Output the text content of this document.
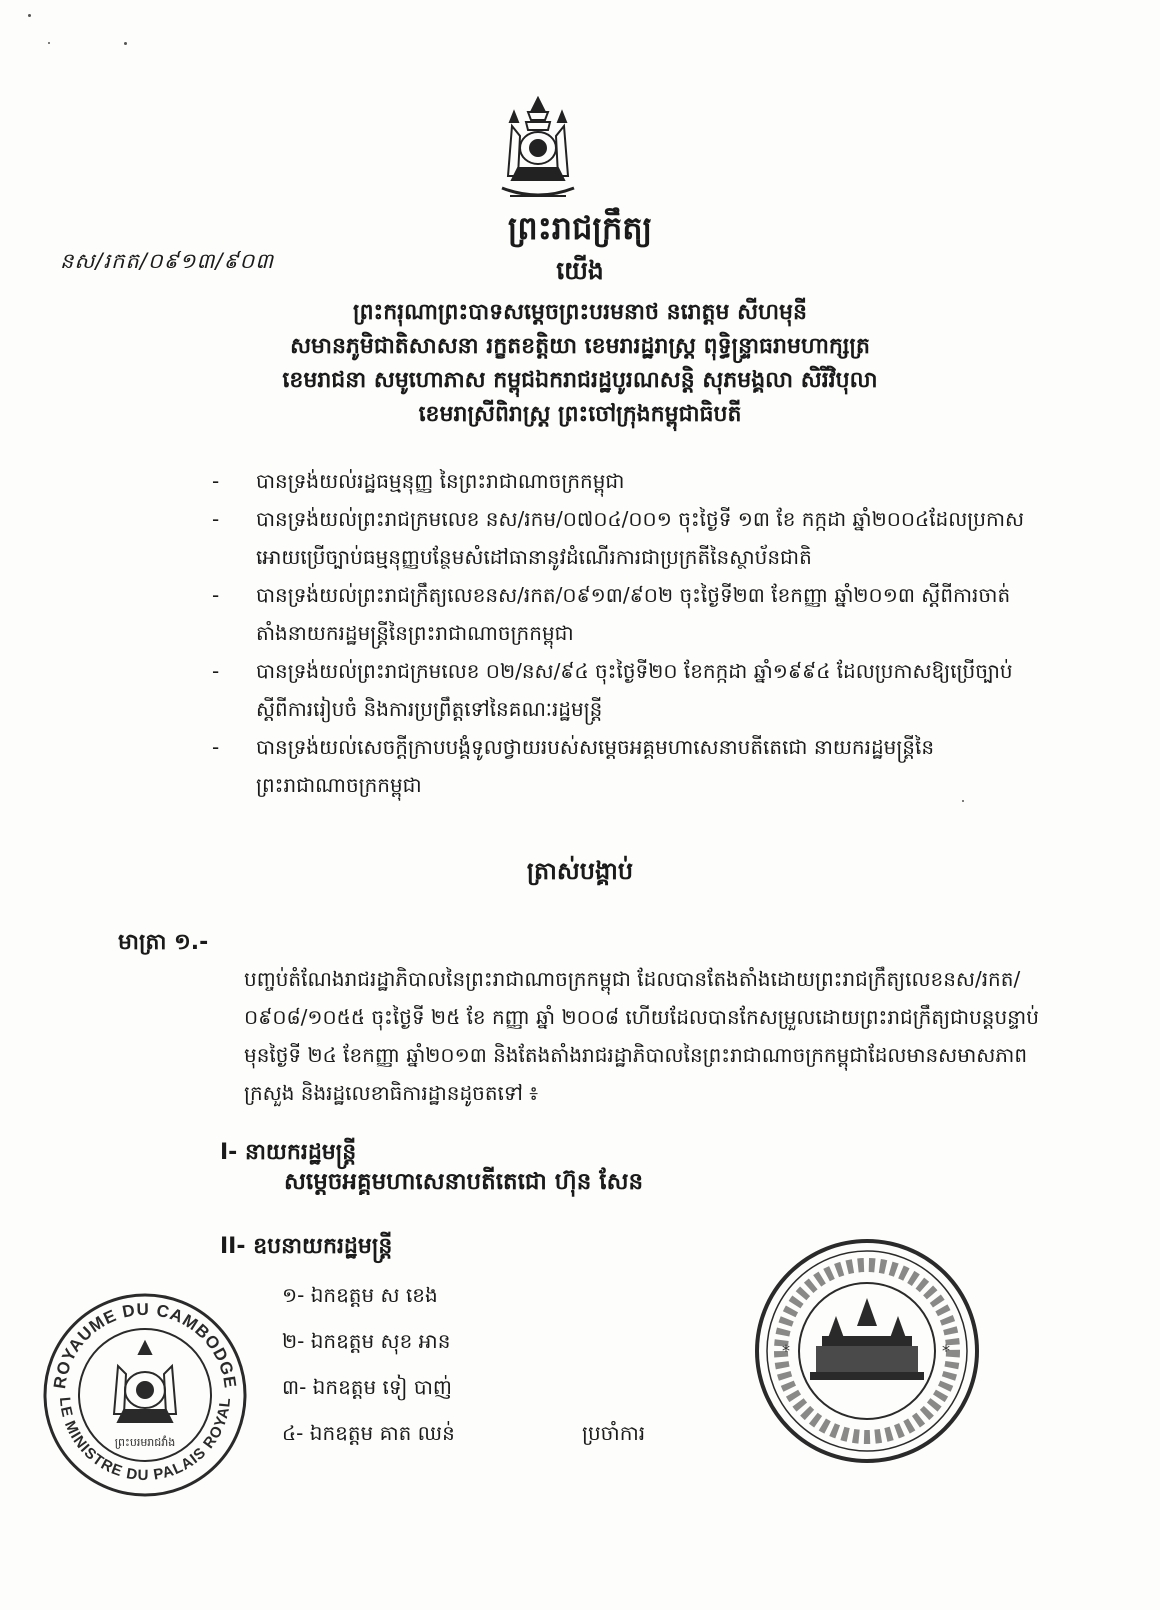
ព្រះរាជក្រឹត្យ
នស/រកត/០៩១៣/៩០៣	យើង
ព្រះករុណាព្រះបាទសម្តេចព្រះបរមនាថ នរោត្តម សីហមុនី
សមានភូមិជាតិសាសនា រក្ខតខត្តិយា ខេមរារដ្ឋរាស្ត្រ ពុទ្ធិន្ទ្រាធរាមហាក្សត្រ
ខេមរាជនា សមូហោភាស កម្ពុជឯករាជរដ្ឋបូរណសន្តិ សុភមង្គលា សិរីវិបុលា
ខេមរាស្រីពិរាស្ត្រ ព្រះចៅក្រុងកម្ពុជាធិបតី
- បានទ្រង់យល់រដ្ឋធម្មនុញ្ញ នៃព្រះរាជាណាចក្រកម្ពុជា
- បានទ្រង់យល់ព្រះរាជក្រមលេខ នស/រកម/០៧០៤/០០១ ចុះថ្ងៃទី ១៣ ខែ កក្កដា ឆ្នាំ២០០៤ដែលប្រកាសអោយប្រើច្បាប់ធម្មនុញ្ញបន្ថែមសំដៅធានានូវដំណើរការជាប្រក្រតីនៃស្ថាប័នជាតិ
- បានទ្រង់យល់ព្រះរាជក្រឹត្យលេខនស/រកត/០៩១៣/៩០២ ចុះថ្ងៃទី២៣ ខែកញ្ញា ឆ្នាំ២០១៣ ស្តីពីការចាត់តាំងនាយករដ្ឋមន្ត្រីនៃព្រះរាជាណាចក្រកម្ពុជា
- បានទ្រង់យល់ព្រះរាជក្រមលេខ ០២/នស/៩៤ ចុះថ្ងៃទី២០ ខែកក្កដា ឆ្នាំ១៩៩៤ ដែលប្រកាសឱ្យប្រើច្បាប់ ស្តីពីការរៀបចំ និងការប្រព្រឹត្តទៅនៃគណៈរដ្ឋមន្ត្រី
- បានទ្រង់យល់សេចក្តីក្រាបបង្គំទូលថ្វាយរបស់សម្តេចអគ្គមហាសេនាបតីតេជោ នាយករដ្ឋមន្ត្រីនៃព្រះរាជាណាចក្រកម្ពុជា
ត្រាស់បង្គាប់
មាត្រា ១.-
បញ្ចប់តំណែងរាជរដ្ឋាភិបាលនៃព្រះរាជាណាចក្រកម្ពុជា ដែលបានតែងតាំងដោយព្រះរាជក្រឹត្យលេខនស/រកត/០៩០៨/១០៥៥ ចុះថ្ងៃទី ២៥ ខែ កញ្ញា ឆ្នាំ ២០០៨ ហើយដែលបានកែសម្រួលដោយព្រះរាជក្រឹត្យជាបន្តបន្ទាប់មុនថ្ងៃទី ២៤ ខែកញ្ញា ឆ្នាំ២០១៣ និងតែងតាំងរាជរដ្ឋាភិបាលនៃព្រះរាជាណាចក្រកម្ពុជាដែលមានសមាសភាពក្រសួង និងរដ្ឋលេខាធិការដ្ឋានដូចតទៅ ៖
I- នាយករដ្ឋមន្ត្រី
សម្តេចអគ្គមហាសេនាបតីតេជោ ហ៊ុន សែន
II- ឧបនាយករដ្ឋមន្ត្រី
១- ឯកឧត្តម ស ខេង
២- ឯកឧត្តម សុខ អាន
៣- ឯកឧត្តម ទៀ បាញ់
៤- ឯកឧត្តម គាត ឈន់	ប្រចាំការ
ROYAUME DU CAMBODGE
LE MINISTRE DU PALAIS ROYAL
ព្រះបរមរាជវាំង
*	*
